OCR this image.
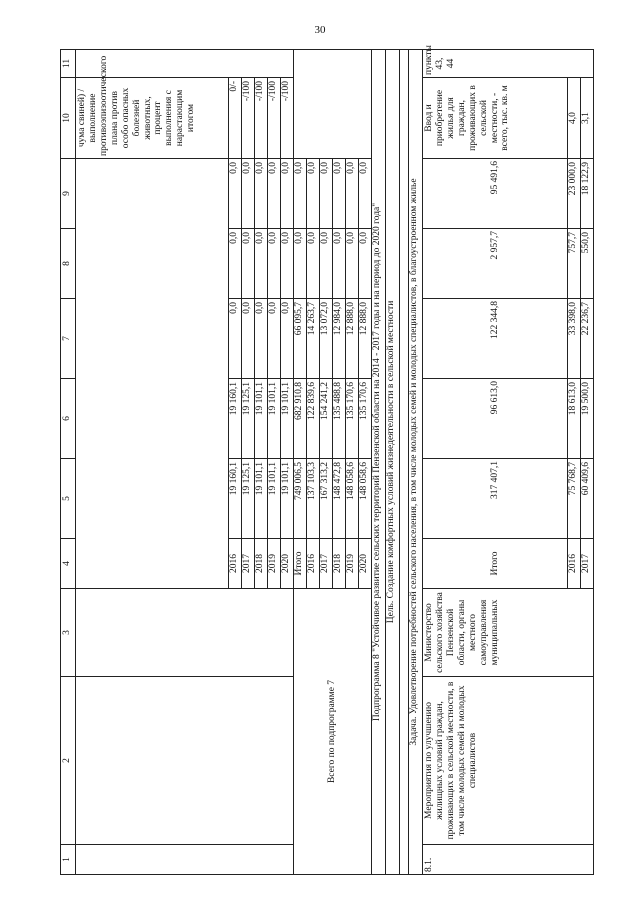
30
1	2	3	4	5	6	7	8	9	10	11
									чума свиней) / выполнение противоэпизоотического плана против особо опасных болезней животных, процент выполнения с нарастающим итогом	
			2016	19 160,1	19 160,1	0,0	0,0	0,0	0/-	
			2017	19 125,1	19 125,1	0,0	0,0	0,0	-/100	
			2018	19 101,1	19 101,1	0,0	0,0	0,0	-/100	
			2019	19 101,1	19 101,1	0,0	0,0	0,0	-/100	
			2020	19 101,1	19 101,1	0,0	0,0	0,0	-/100	
Всего по подпрограмме 7			Итого	749 006,5	682 910,8	66 095,7	0,0	0,0		
			2016	137 103,3	122 839,6	14 263,7	0,0	0,0		
			2017	167 313,2	154 241,2	13 072,0	0,0	0,0		
			2018	148 472,8	135 488,8	12 984,0	0,0	0,0		
			2019	148 058,6	135 170,6	12 888,0	0,0	0,0		
			2020	148 058,6	135 170,6	12 888,0	0,0	0,0		
Подпрограмма 8 "Устойчивое развитие сельских территорий Пензенской области на 2014 - 2017 годы и на период до 2020 года"										
Цель. Создание комфортных условий жизнедеятельности в сельской местности										

Задача. Удовлетворение потребностей сельского населения, в том числе молодых семей и молодых специалистов, в благоустроенном жилье										
8.1.	Мероприятия по улучшению жилищных условий граждан, проживающих в сельской местности, в том числе молодых семей и молодых специалистов	Министерство сельского хозяйства Пензенской области, органы местного самоуправления муниципальных	Итого	317 407,1	96 613,0	122 344,8	2 957,7	95 491,6	Ввод и приобретение жилья для граждан, проживающих в сельской местности, - всего, тыс. кв. м	пункты 43, 44
			2016	75 768,7	18 613,0	33 398,0	757,7	23 000,0	4,0	
			2017	60 409,6	19 500,0	22 236,7	550,0	18 122,9	3,1	
